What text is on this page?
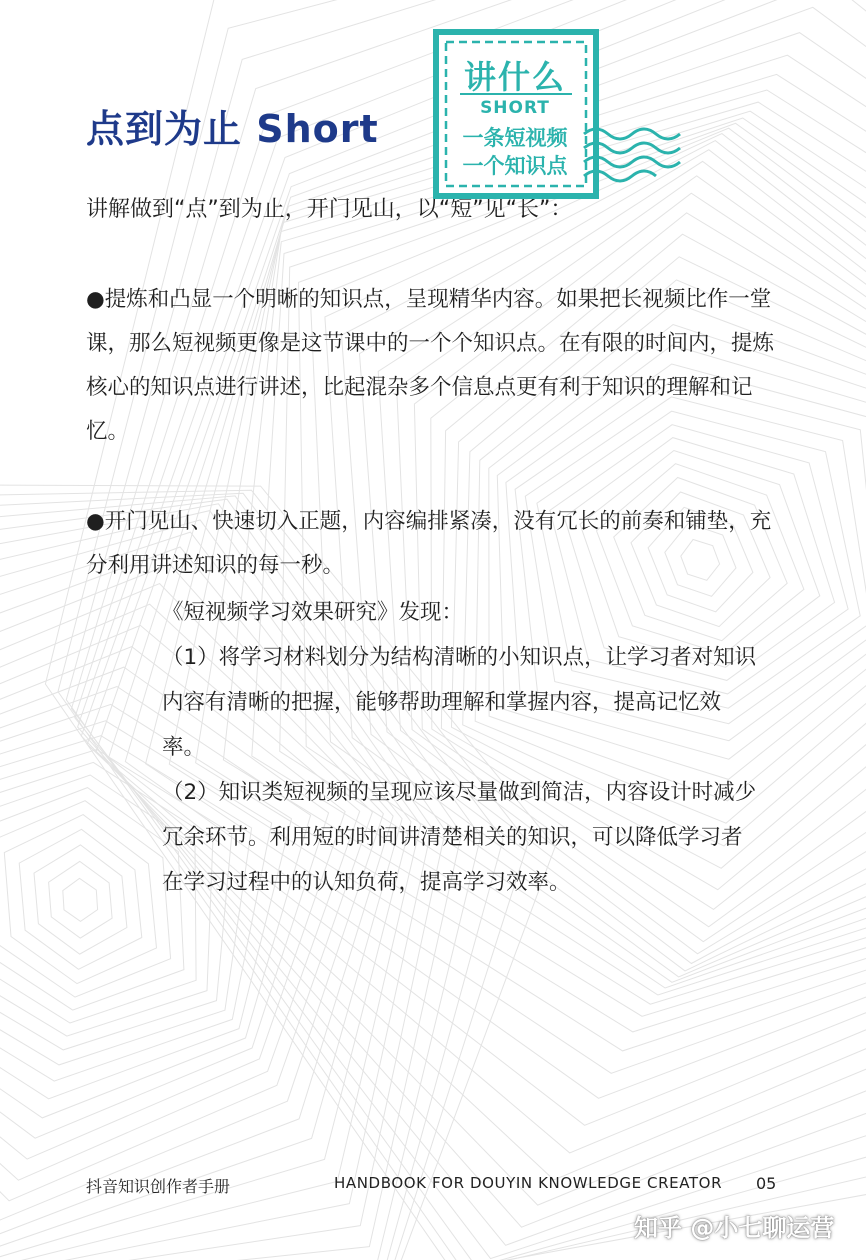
点到为止 Short
讲什么
SHORT
一条短视频
一个知识点
讲解做到“点”到为止，开门见山，以“短”见“长”：
●提炼和凸显一个明晰的知识点，呈现精华内容。如果把长视频比作一堂课，那么短视频更像是这节课中的一个个知识点。在有限的时间内，提炼核心的知识点进行讲述，比起混杂多个信息点更有利于知识的理解和记忆。
●开门见山、快速切入正题，内容编排紧凑，没有冗长的前奏和铺垫，充分利用讲述知识的每一秒。

《短视频学习效果研究》发现：

（1）将学习材料划分为结构清晰的小知识点，让学习者对知识内容有清晰的把握，能够帮助理解和掌握内容，提高记忆效率。

（2）知识类短视频的呈现应该尽量做到简洁，内容设计时减少冗余环节。利用短的时间讲清楚相关的知识，可以降低学习者在学习过程中的认知负荷，提高学习效率。

抖音知识创作者手册	HANDBOOK FOR DOUYIN KNOWLEDGE CREATOR 05
知乎 @小七聊运营
